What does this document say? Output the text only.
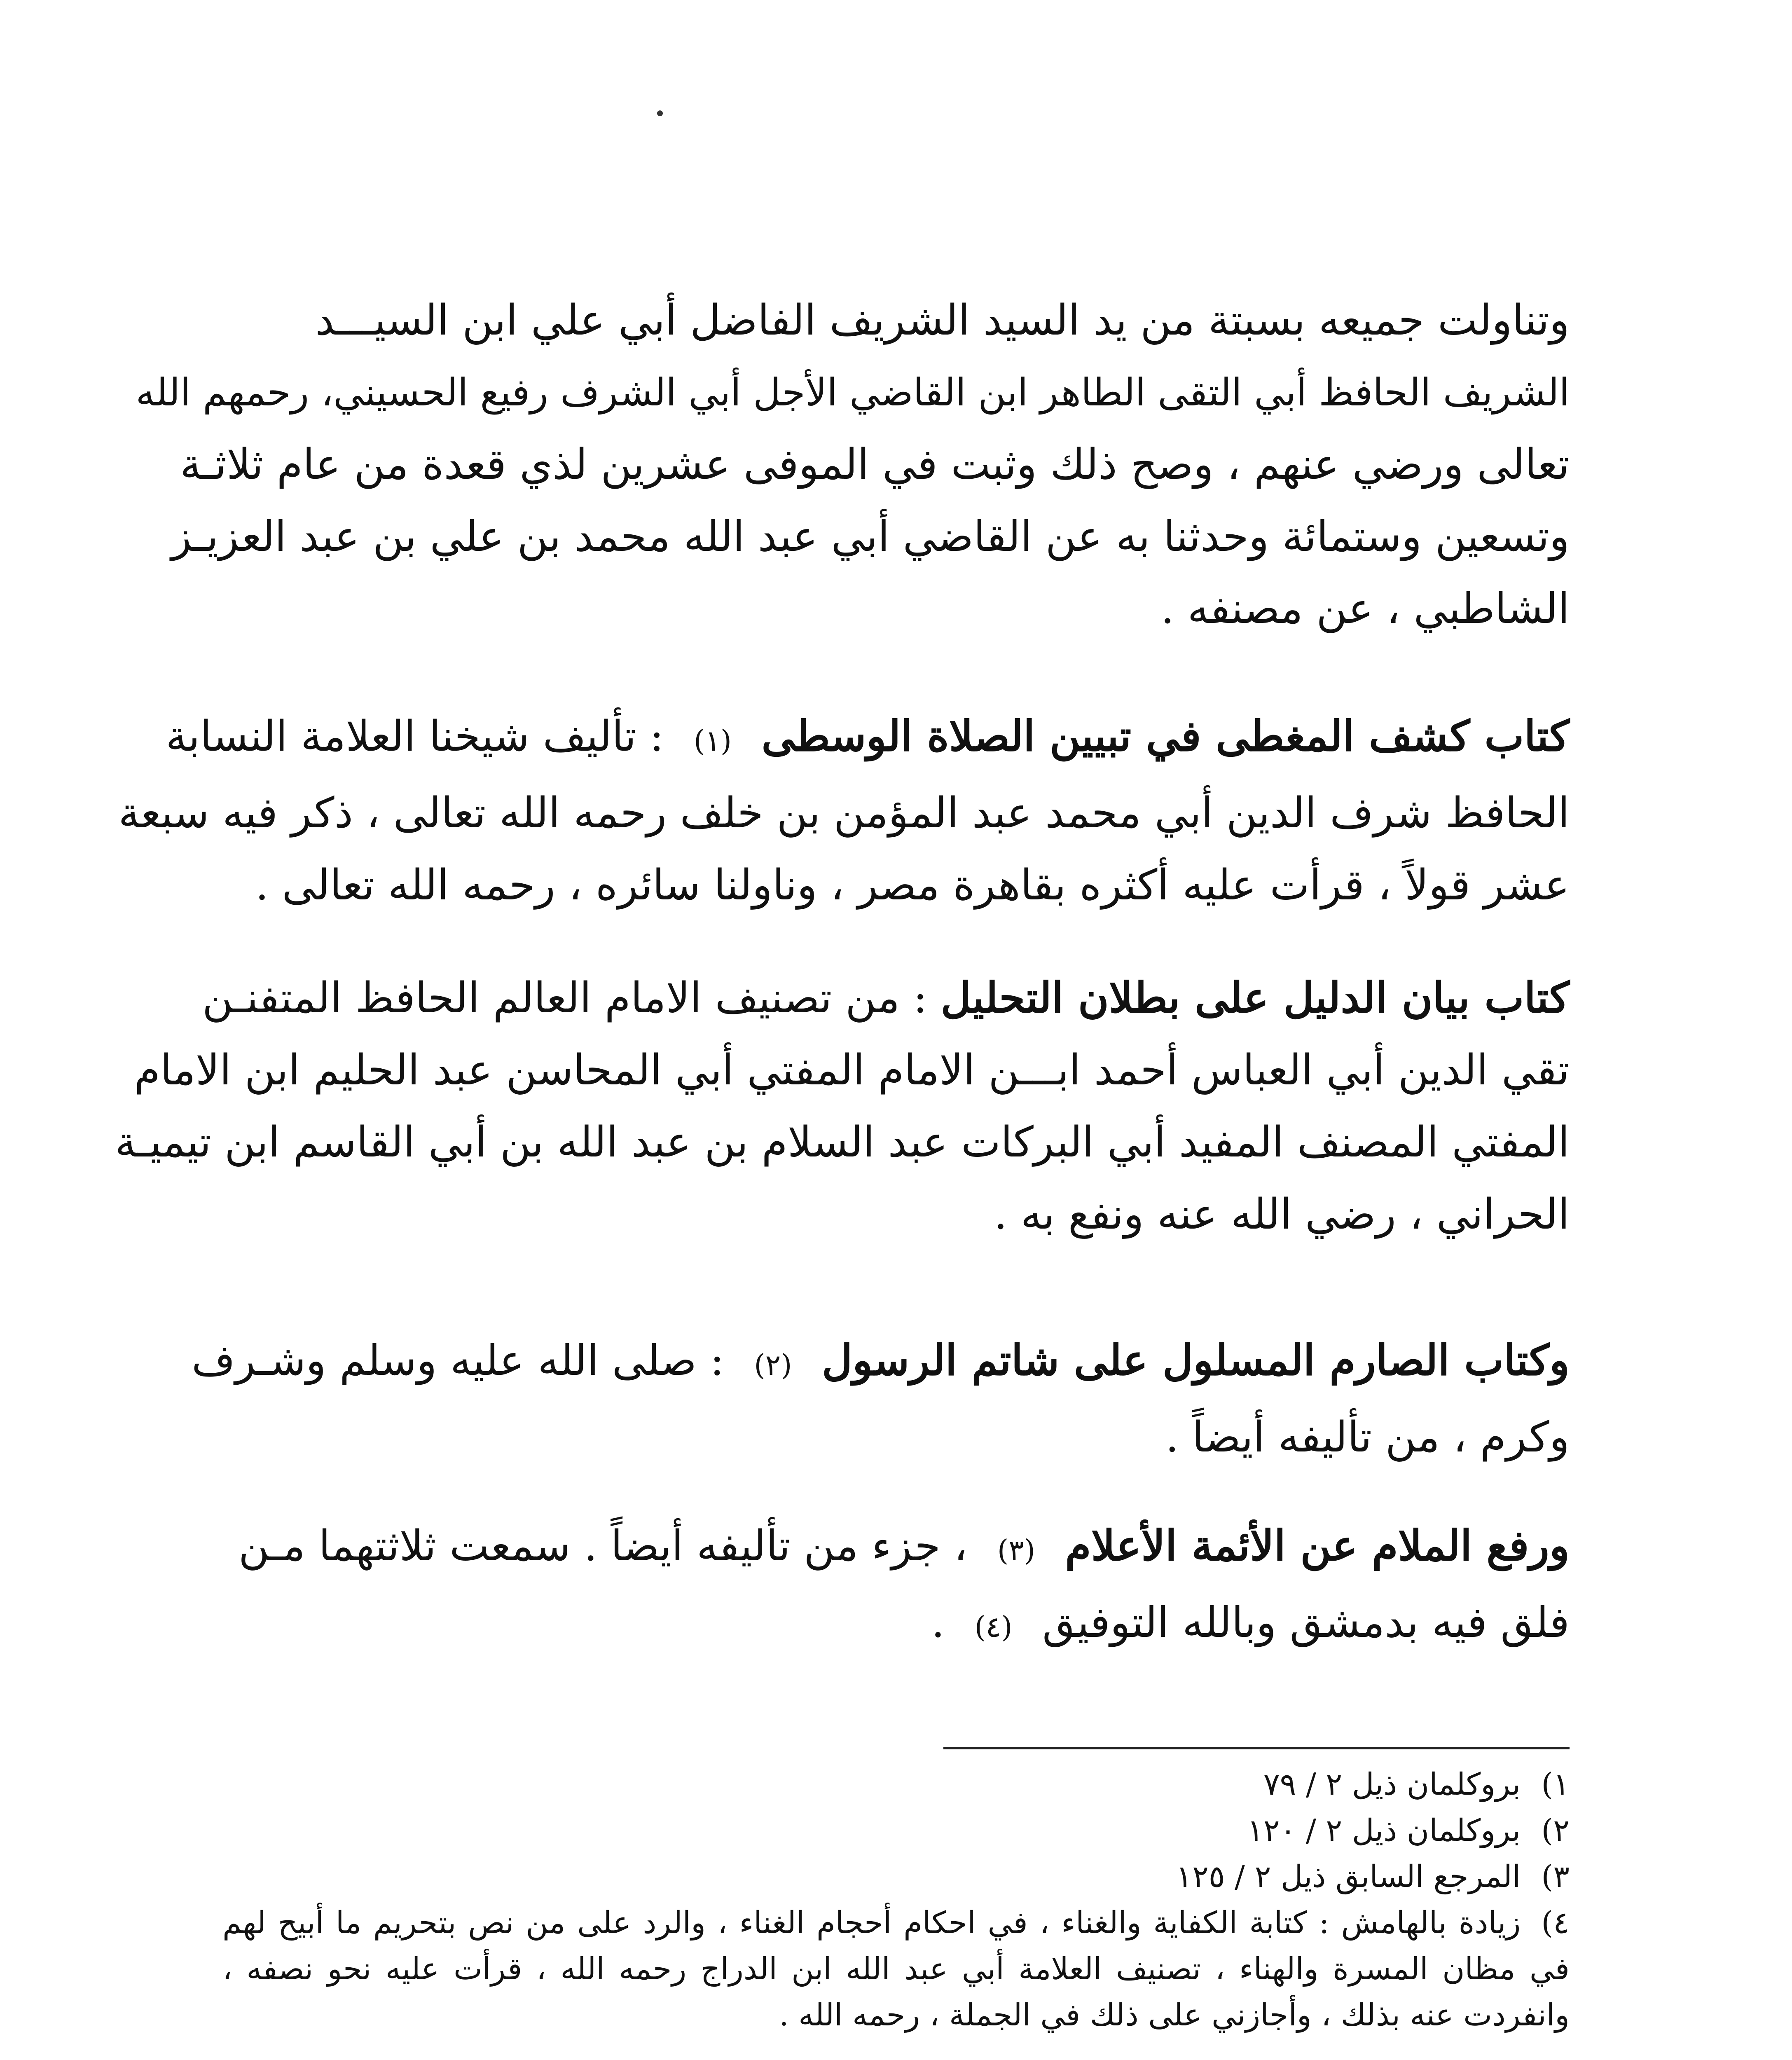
وتناولت جميعه بسبتة من يد السيد الشريف الفاضل أبي علي ابن السيـــد
الشريف الحافظ أبي التقى الطاهر ابن القاضي الأجل أبي الشرف رفيع الحسيني، رحمهم الله
تعالى ورضي عنهم ، وصح ذلك وثبت في الموفى عشرين لذي قعدة من عام ثلاثـة
وتسعين وستمائة وحدثنا به عن القاضي أبي عبد الله محمد بن علي بن عبد العزيـز
الشاطبي ، عن مصنفه .
كتاب كشف المغطى في تبيين الصلاة الوسطى (١) : تأليف شيخنا العلامة النسابة
الحافظ شرف الدين أبي محمد عبد المؤمن بن خلف رحمه الله تعالى ، ذكر فيه سبعة
عشر قولاً ، قرأت عليه أكثره بقاهرة مصر ، وناولنا سائره ، رحمه الله تعالى .
كتاب بيان الدليل على بطلان التحليل : من تصنيف الامام العالم الحافظ المتفنـن
تقي الدين أبي العباس أحمد ابـــن الامام المفتي أبي المحاسن عبد الحليم ابن الامام
المفتي المصنف المفيد أبي البركات عبد السلام بن عبد الله بن أبي القاسم ابن تيميـة
الحراني ، رضي الله عنه ونفع به .
وكتاب الصارم المسلول على شاتم الرسول (٢) : صلى الله عليه وسلم وشـرف
وكرم ، من تأليفه أيضاً .
ورفع الملام عن الأئمة الأعلام (٣) ، جزء من تأليفه أيضاً . سمعت ثلاثتهما مـن
فلق فيه بدمشق وبالله التوفيق (٤) .
١)بروكلمان ذيل ٢ / ٧٩
٢)بروكلمان ذيل ٢ / ١٢٠
٣)المرجع السابق ذيل ٢ / ١٢٥
٤)زيادة بالهامش : كتابة الكفاية والغناء ، في احكام أحجام الغناء ، والرد على من نص بتحريم ما أبيح لهم في مظان المسرة والهناء ، تصنيف العلامة أبي عبد الله ابن الدراج رحمه الله ، قرأت عليه نحو نصفه ، وانفردت عنه بذلك ، وأجازني على ذلك في الجملة ، رحمه الله .
